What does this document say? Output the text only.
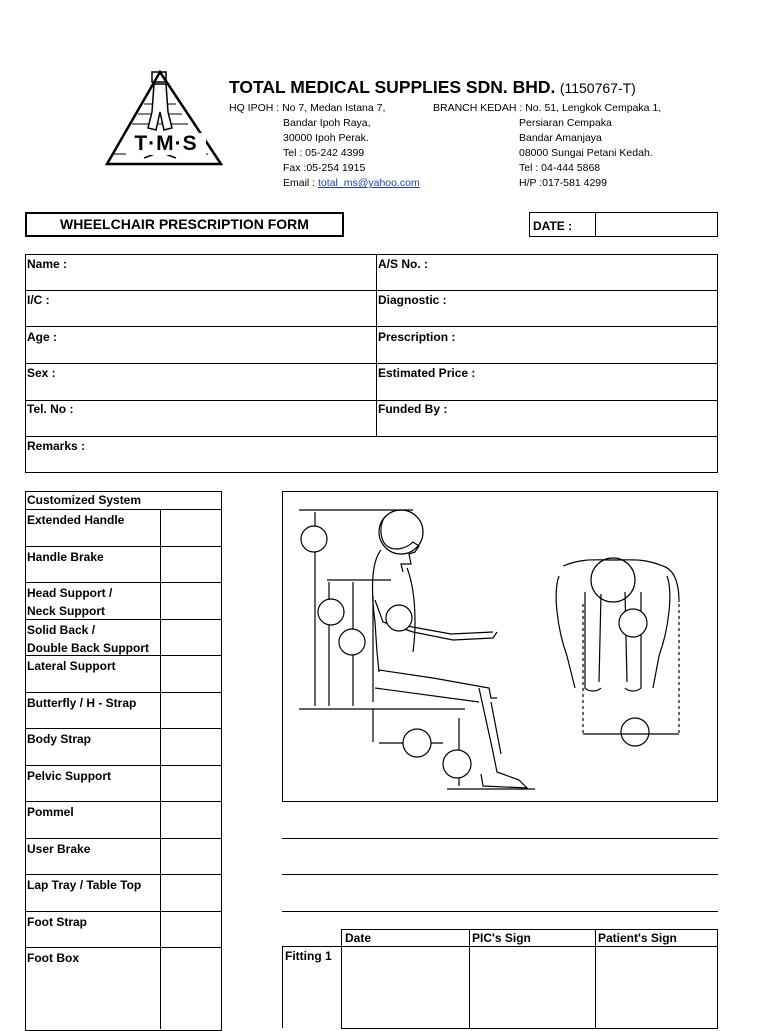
T·M·S
TOTAL MEDICAL SUPPLIES SDN. BHD. (1150767-T)
HQ IPOH : No 7, Medan Istana 7,
Bandar Ipoh Raya,
30000 Ipoh Perak.
Tel : 05-242 4399
Fax :05-254 1915
Email : total_ms@yahoo.com
BRANCH KEDAH : No. 51, Lengkok Cempaka 1,
Persiaran Cempaka
Bandar Amanjaya
08000 Sungai Petani Kedah.
Tel : 04-444 5868
H/P :017-581 4299
WHEELCHAIR PRESCRIPTION FORM	DATE :
Name :	A/S No. :
I/C :	Diagnostic :
Age :	Prescription :
Sex :	Estimated Price :
Tel. No :	Funded By :
Remarks :
Customized System
Extended Handle
Handle Brake
Head Support /
Neck Support
Solid Back /
Double Back Support
Lateral Support
Butterfly / H - Strap
Body Strap
Pelvic Support
Pommel
User Brake
Lap Tray / Table Top
Foot Strap
Foot Box
Date	PIC's Sign	Patient's Sign
Fitting 1
